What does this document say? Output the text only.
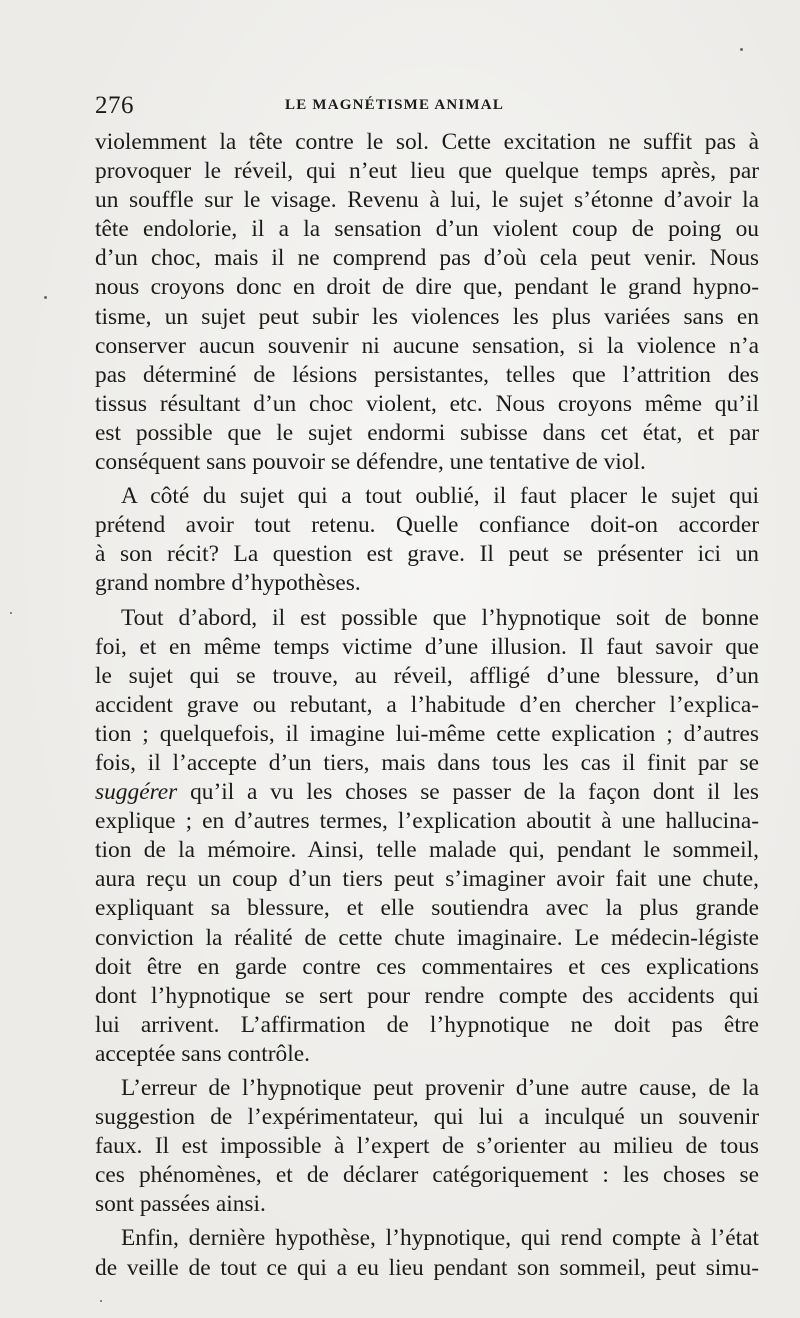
276	LE MAGNÉTISME ANIMAL
violemment la tête contre le sol. Cette excitation ne suffit pas à
provoquer le réveil, qui n’eut lieu que quelque temps après, par
un souffle sur le visage. Revenu à lui, le sujet s’étonne d’avoir la
tête endolorie, il a la sensation d’un violent coup de poing ou
d’un choc, mais il ne comprend pas d’où cela peut venir. Nous
nous croyons donc en droit de dire que, pendant le grand hypno-
tisme, un sujet peut subir les violences les plus variées sans en
conserver aucun souvenir ni aucune sensation, si la violence n’a
pas déterminé de lésions persistantes, telles que l’attrition des
tissus résultant d’un choc violent, etc. Nous croyons même qu’il
est possible que le sujet endormi subisse dans cet état, et par
conséquent sans pouvoir se défendre, une tentative de viol.
A côté du sujet qui a tout oublié, il faut placer le sujet qui
prétend avoir tout retenu. Quelle confiance doit-on accorder
à son récit? La question est grave. Il peut se présenter ici un
grand nombre d’hypothèses.
Tout d’abord, il est possible que l’hypnotique soit de bonne
foi, et en même temps victime d’une illusion. Il faut savoir que
le sujet qui se trouve, au réveil, affligé d’une blessure, d’un
accident grave ou rebutant, a l’habitude d’en chercher l’explica-
tion ; quelquefois, il imagine lui-même cette explication ; d’autres
fois, il l’accepte d’un tiers, mais dans tous les cas il finit par se
suggérer qu’il a vu les choses se passer de la façon dont il les
explique ; en d’autres termes, l’explication aboutit à une hallucina-
tion de la mémoire. Ainsi, telle malade qui, pendant le sommeil,
aura reçu un coup d’un tiers peut s’imaginer avoir fait une chute,
expliquant sa blessure, et elle soutiendra avec la plus grande
conviction la réalité de cette chute imaginaire. Le médecin-légiste
doit être en garde contre ces commentaires et ces explications
dont l’hypnotique se sert pour rendre compte des accidents qui
lui arrivent. L’affirmation de l’hypnotique ne doit pas être
acceptée sans contrôle.
L’erreur de l’hypnotique peut provenir d’une autre cause, de la
suggestion de l’expérimentateur, qui lui a inculqué un souvenir
faux. Il est impossible à l’expert de s’orienter au milieu de tous
ces phénomènes, et de déclarer catégoriquement : les choses se
sont passées ainsi.
Enfin, dernière hypothèse, l’hypnotique, qui rend compte à l’état
de veille de tout ce qui a eu lieu pendant son sommeil, peut simu-
